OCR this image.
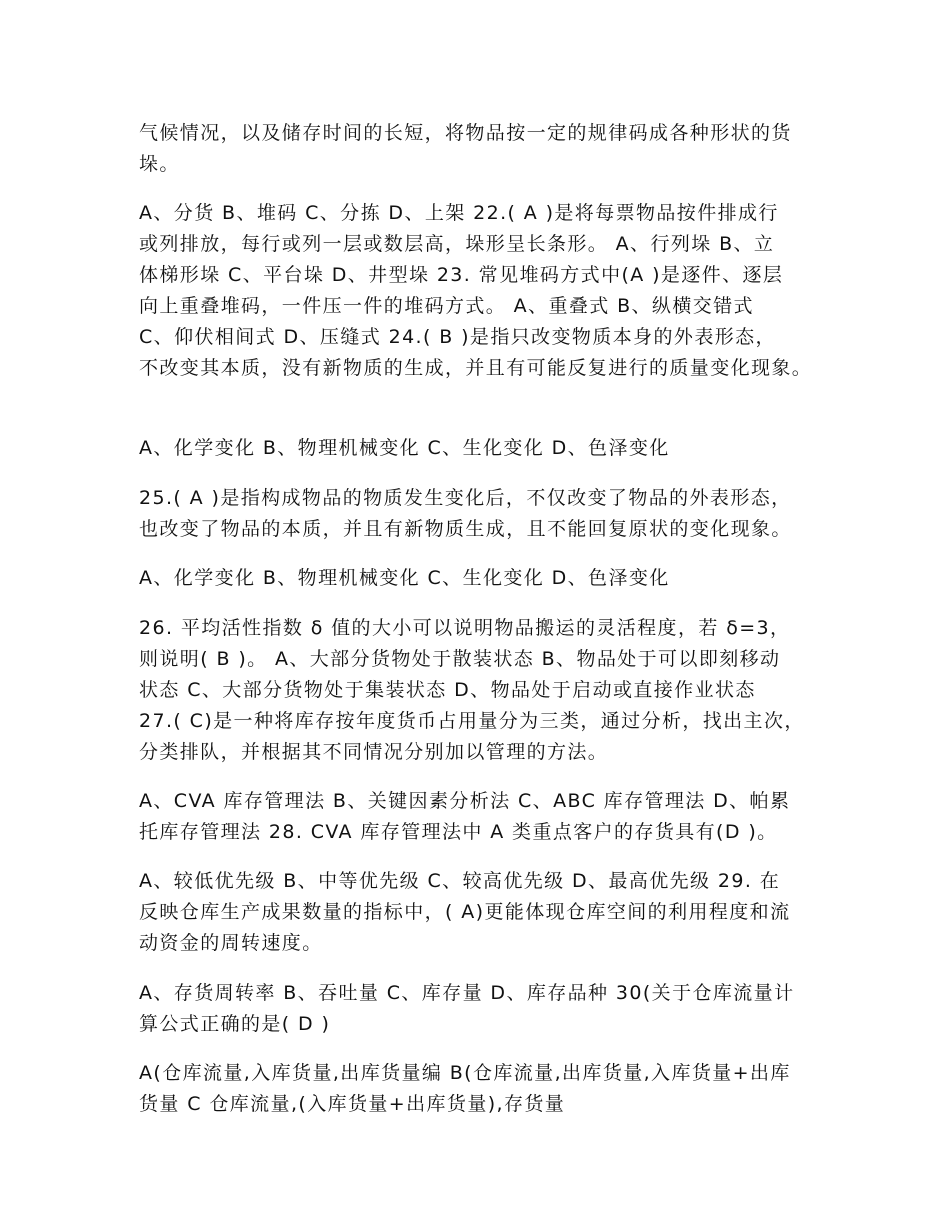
气候情况，以及储存时间的长短，将物品按一定的规律码成各种形状的货
垛。
A、分货 B、堆码 C、分拣 D、上架 22.( A )是将每票物品按件排成行
或列排放，每行或列一层或数层高，垛形呈长条形。 A、行列垛 B、立
体梯形垛 C、平台垛 D、井型垛 23. 常见堆码方式中(A )是逐件、逐层
向上重叠堆码，一件压一件的堆码方式。 A、重叠式 B、纵横交错式
C、仰伏相间式 D、压缝式 24.( B )是指只改变物质本身的外表形态，
不改变其本质，没有新物质的生成，并且有可能反复进行的质量变化现象。
A、化学变化 B、物理机械变化 C、生化变化 D、色泽变化
25.( A )是指构成物品的物质发生变化后，不仅改变了物品的外表形态，
也改变了物品的本质，并且有新物质生成，且不能回复原状的变化现象。
A、化学变化 B、物理机械变化 C、生化变化 D、色泽变化
26. 平均活性指数 δ 值的大小可以说明物品搬运的灵活程度，若 δ=3，
则说明( B )。 A、大部分货物处于散装状态 B、物品处于可以即刻移动
状态 C、大部分货物处于集装状态 D、物品处于启动或直接作业状态
27.( C)是一种将库存按年度货币占用量分为三类，通过分析，找出主次，
分类排队，并根据其不同情况分别加以管理的方法。
A、CVA 库存管理法 B、关键因素分析法 C、ABC 库存管理法 D、帕累
托库存管理法 28. CVA 库存管理法中 A 类重点客户的存货具有(D )。
A、较低优先级 B、中等优先级 C、较高优先级 D、最高优先级 29. 在
反映仓库生产成果数量的指标中，( A)更能体现仓库空间的利用程度和流
动资金的周转速度。
A、存货周转率 B、吞吐量 C、库存量 D、库存品种 30(关于仓库流量计
算公式正确的是( D )
A(仓库流量,入库货量,出库货量编 B(仓库流量,出库货量,入库货量+出库
货量 C 仓库流量,(入库货量+出库货量),存货量
